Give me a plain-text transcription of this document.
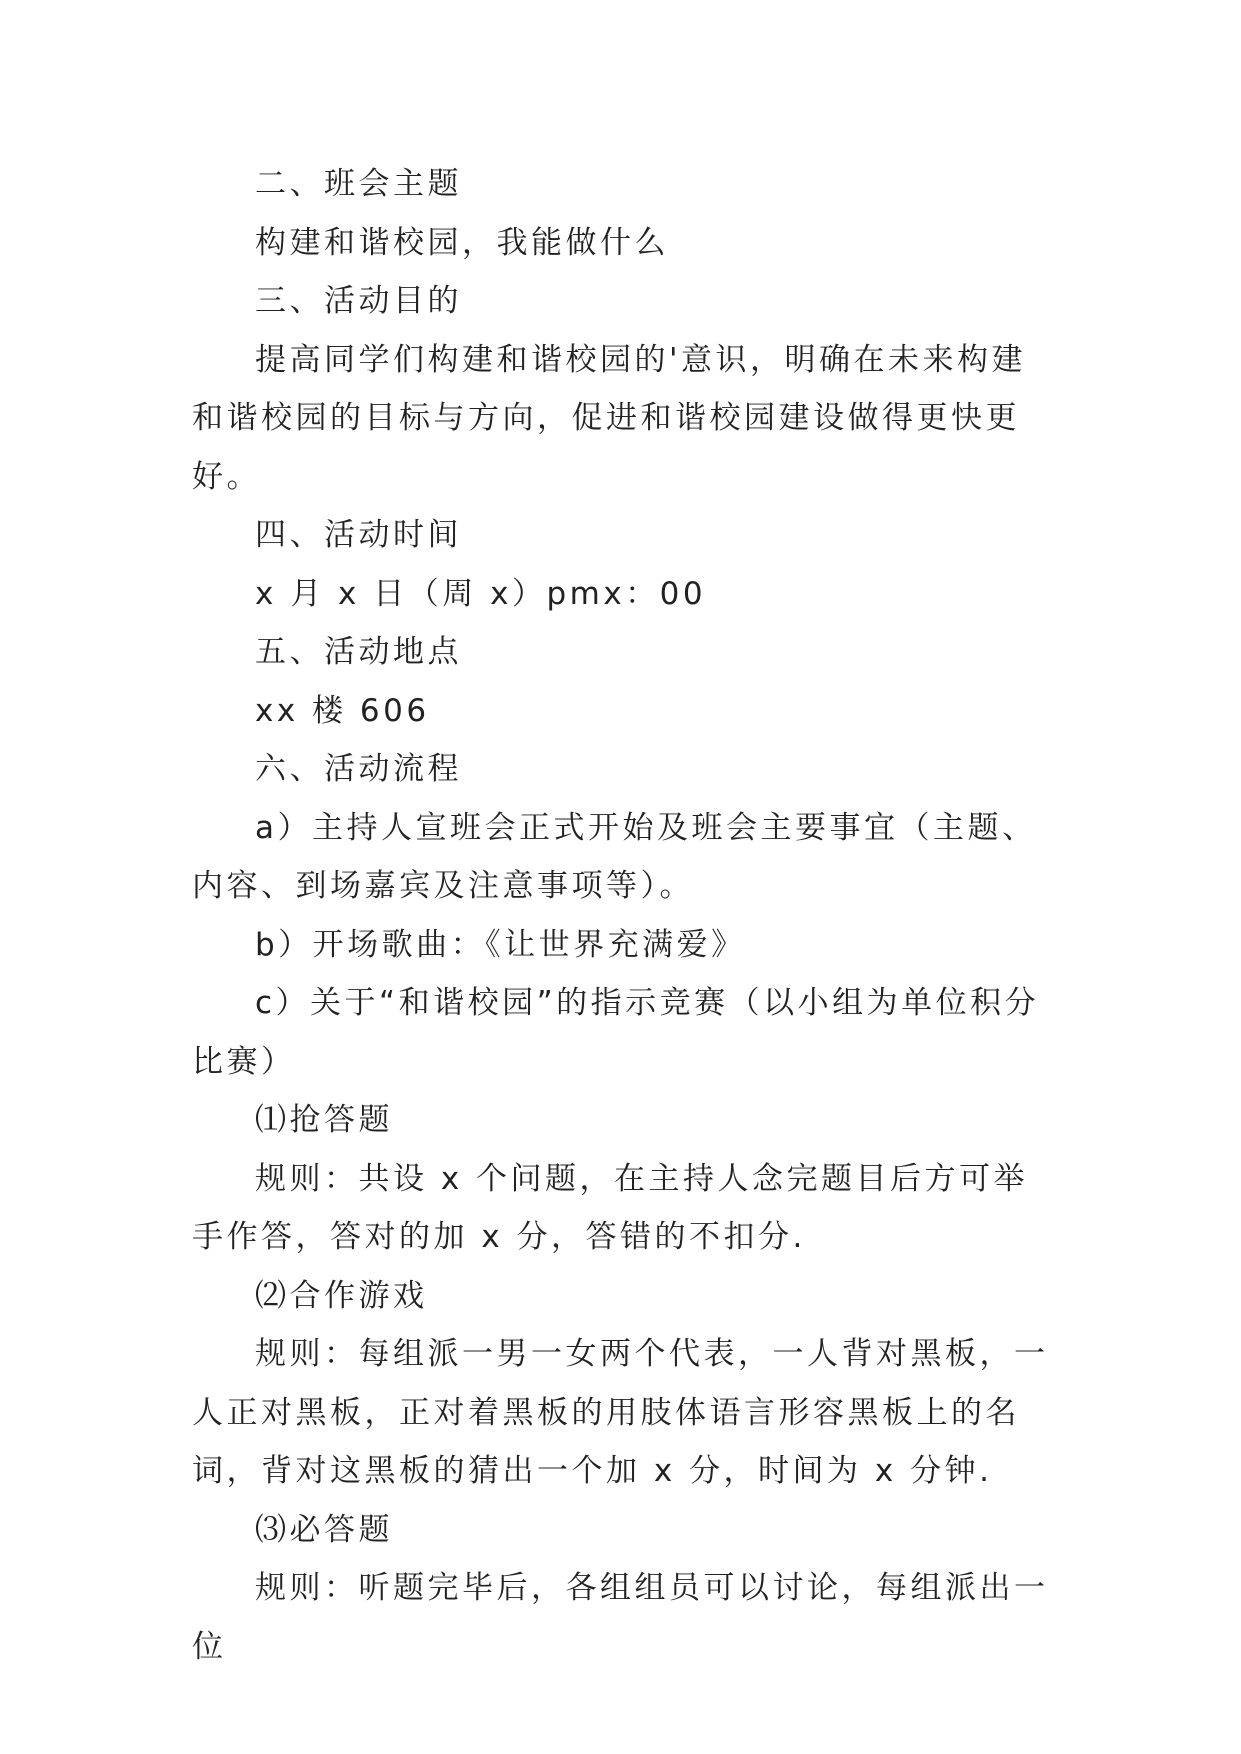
二、班会主题

构建和谐校园，我能做什么

三、活动目的

提高同学们构建和谐校园的'意识，明确在未来构建和谐校园的目标与方向，促进和谐校园建设做得更快更好。

四、活动时间

x 月 x 日（周 x）pmx：00

五、活动地点

xx 楼 606

六、活动流程

a）主持人宣班会正式开始及班会主要事宜（主题、内容、到场嘉宾及注意事项等）。

b）开场歌曲：《让世界充满爱》

c）关于“和谐校园”的指示竞赛（以小组为单位积分比赛）

⑴抢答题

规则：共设 x 个问题，在主持人念完题目后方可举手作答，答对的加 x 分，答错的不扣分.

⑵合作游戏

规则：每组派一男一女两个代表，一人背对黑板，一人正对黑板，正对着黑板的用肢体语言形容黑板上的名词，背对这黑板的猜出一个加 x 分，时间为 x 分钟.

⑶必答题

规则：听题完毕后，各组组员可以讨论，每组派出一位
